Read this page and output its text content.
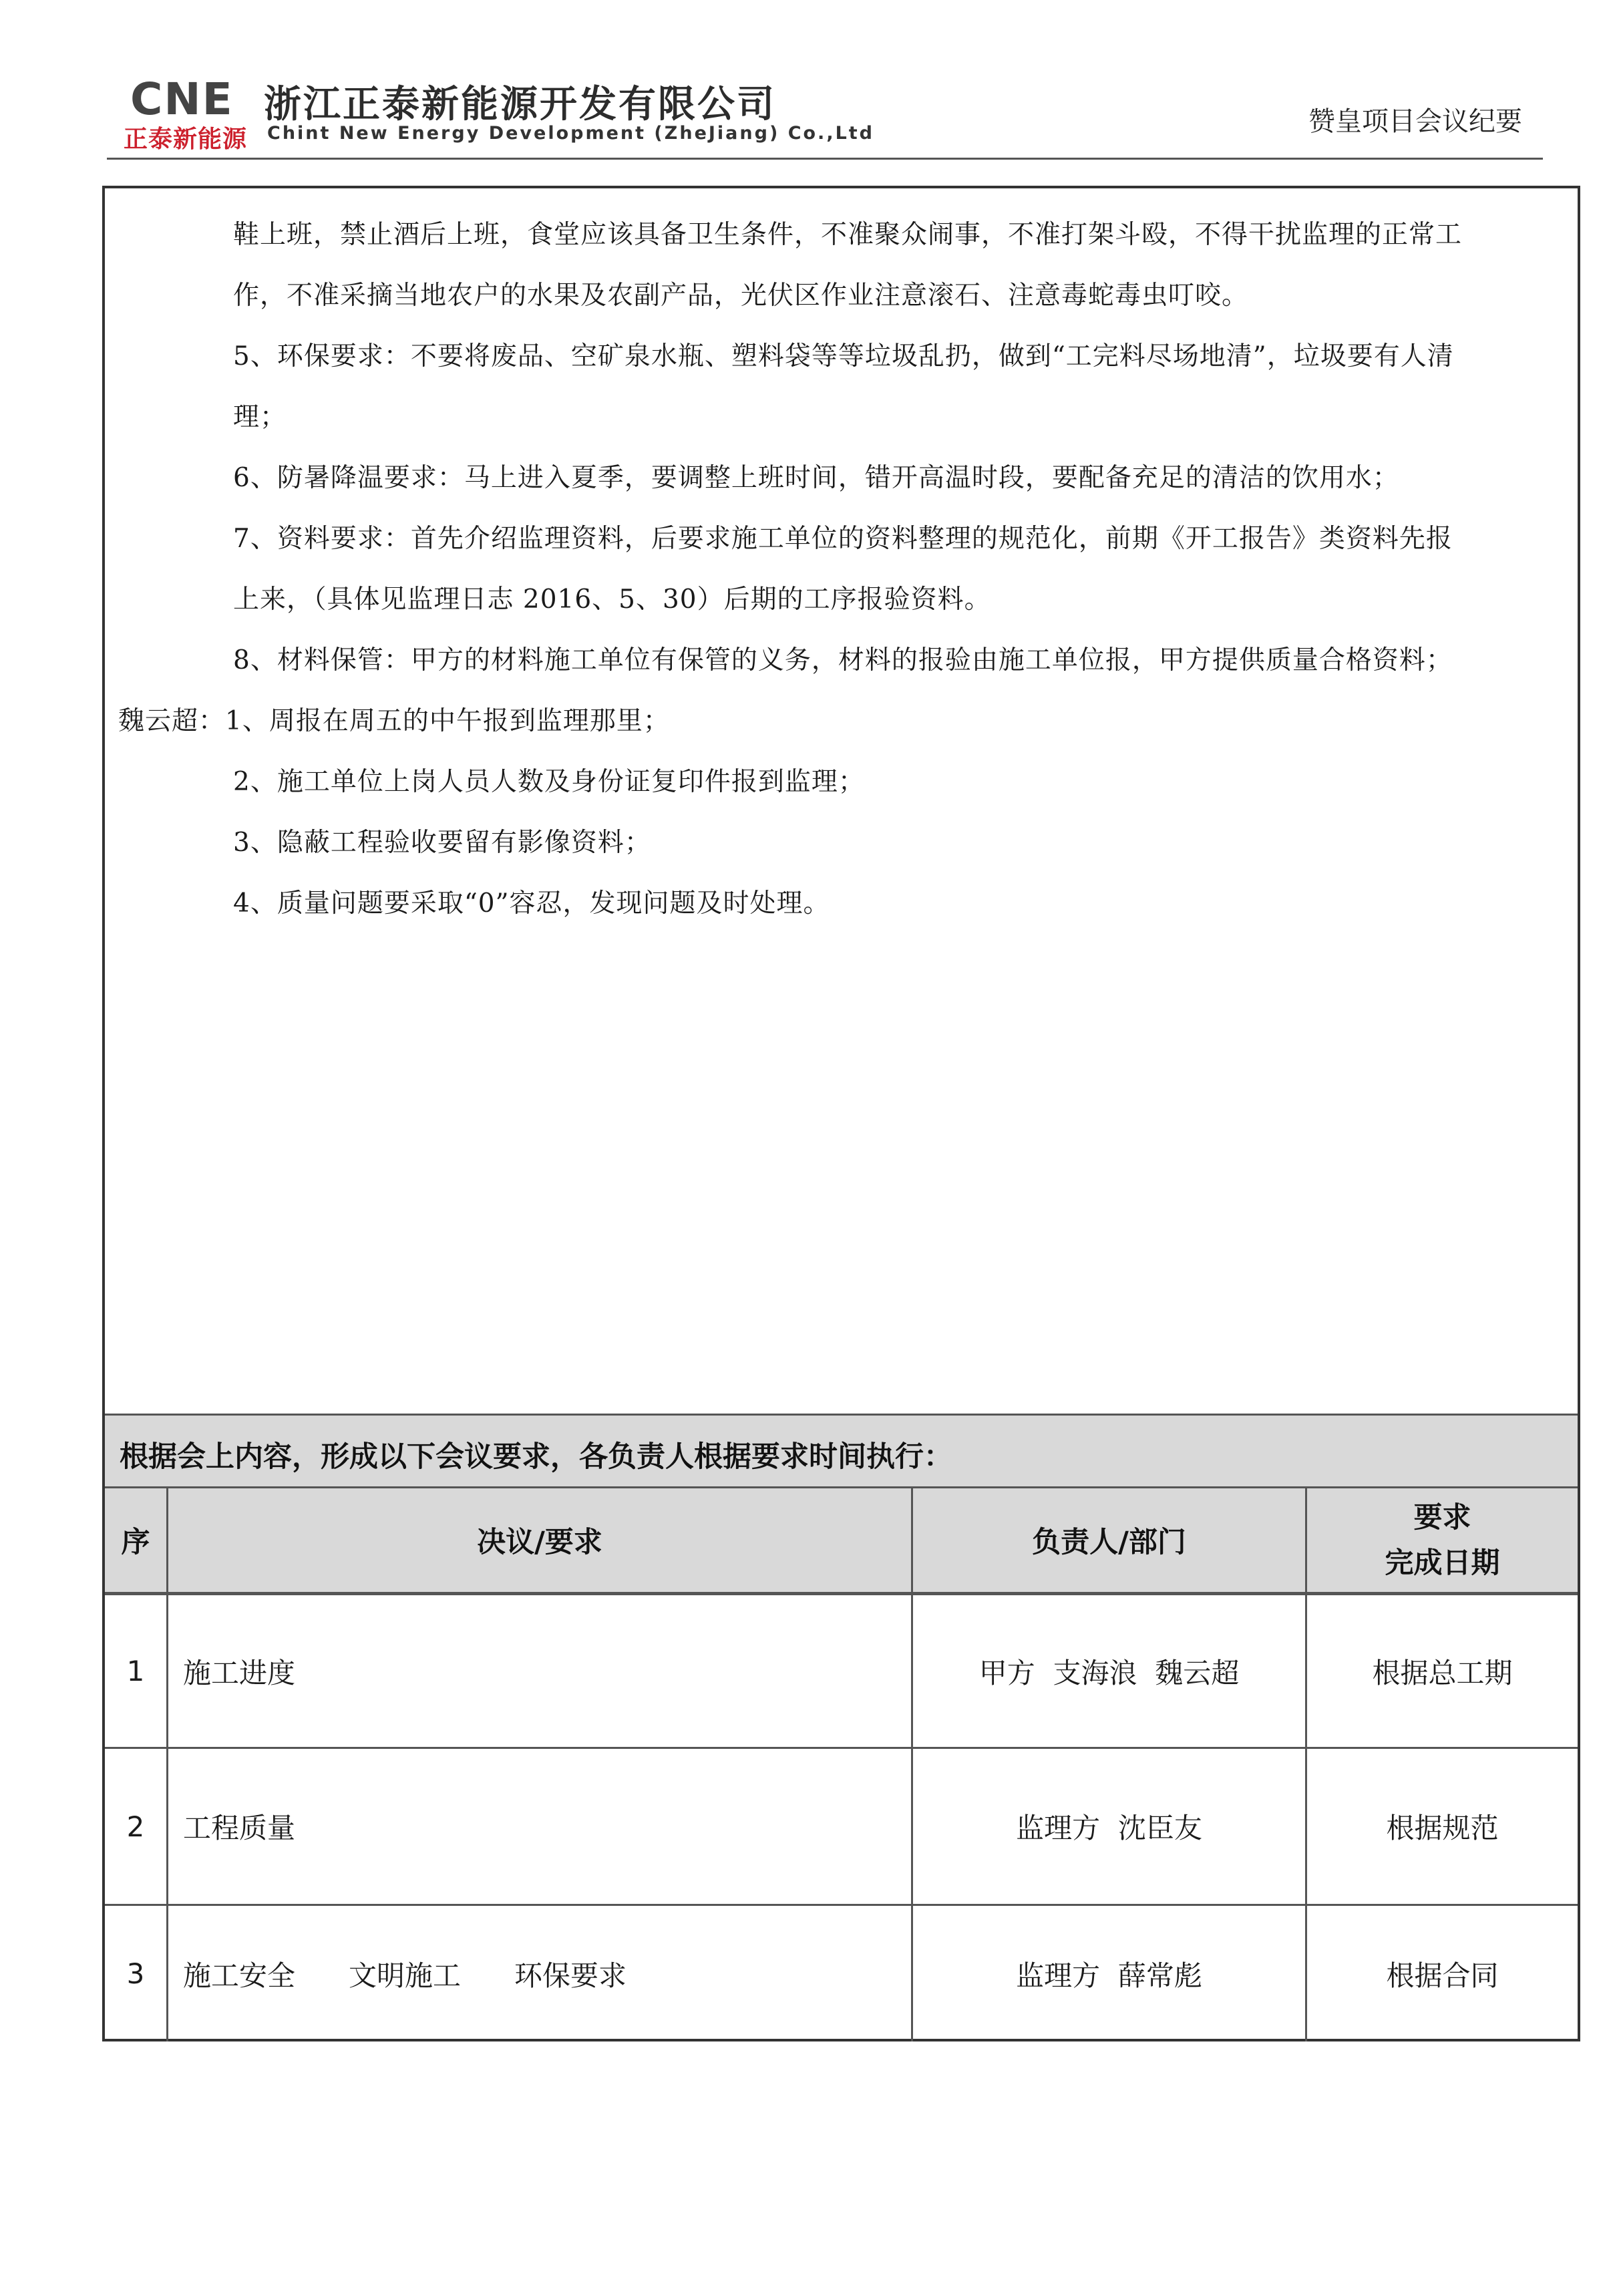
CNE
正泰新能源
浙江正泰新能源开发有限公司
Chint New Energy Development (ZheJiang) Co.,Ltd	赞皇项目会议纪要
鞋上班，禁止酒后上班，食堂应该具备卫生条件，不准聚众闹事，不准打架斗殴，不得干扰监理的正常工
作，不准采摘当地农户的水果及农副产品，光伏区作业注意滚石、注意毒蛇毒虫叮咬。
5、环保要求：不要将废品、空矿泉水瓶、塑料袋等等垃圾乱扔，做到“工完料尽场地清”，垃圾要有人清
理；
6、防暑降温要求：马上进入夏季，要调整上班时间，错开高温时段，要配备充足的清洁的饮用水；
7、资料要求：首先介绍监理资料，后要求施工单位的资料整理的规范化，前期《开工报告》类资料先报
上来，（具体见监理日志 2016、5、30）后期的工序报验资料。
8、材料保管：甲方的材料施工单位有保管的义务，材料的报验由施工单位报，甲方提供质量合格资料；
魏云超：1、周报在周五的中午报到监理那里；
2、施工单位上岗人员人数及身份证复印件报到监理；
3、隐蔽工程验收要留有影像资料；
4、质量问题要采取“0”容忍，发现问题及时处理。
根据会上内容，形成以下会议要求，各负责人根据要求时间执行：
序	决议/要求	负责人/部门
要求
完成日期
1	施工进度	甲方  支海浪  魏云超	根据总工期
2	工程质量	监理方  沈臣友	根据规范
3	施工安全 文明施工 环保要求	监理方  薛常彪	根据合同
